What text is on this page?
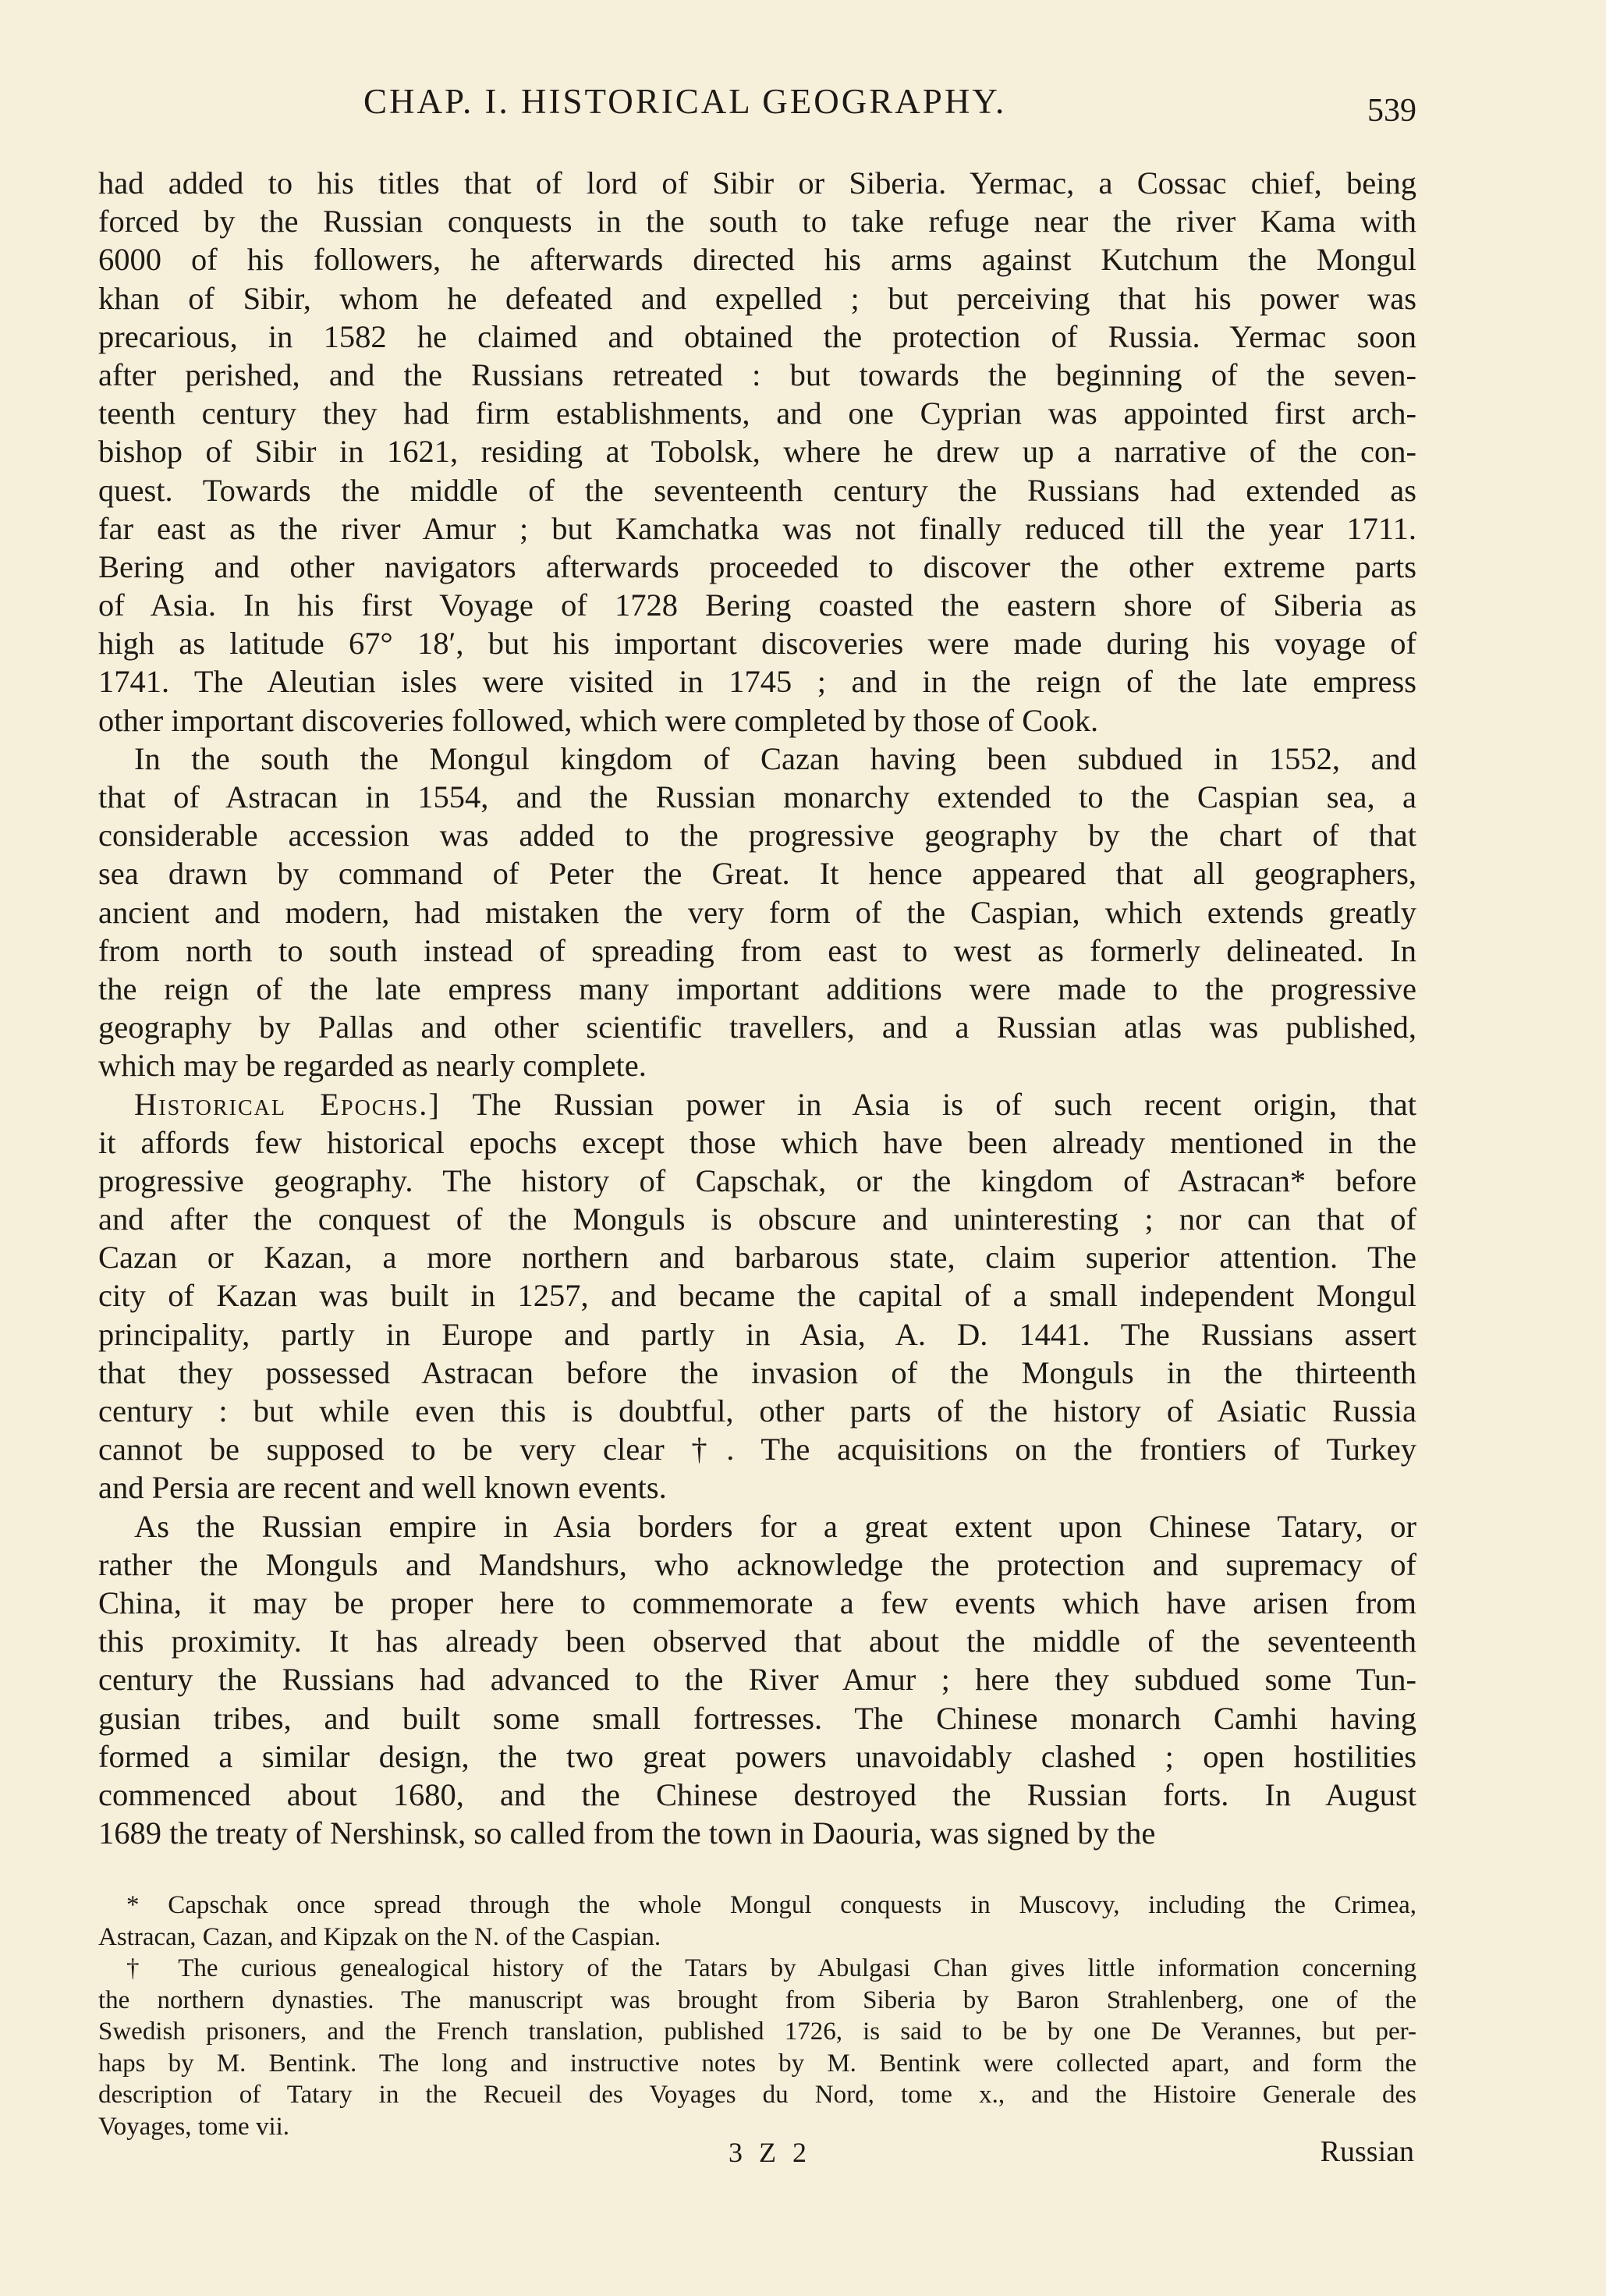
CHAP. I. HISTORICAL GEOGRAPHY.	539
had added to his titles that of lord of Sibir or Siberia. Yermac, a Cossac chief, being
forced by the Russian conquests in the south to take refuge near the river Kama with
6000 of his followers, he afterwards directed his arms against Kutchum the Mongul
khan of Sibir, whom he defeated and expelled ; but perceiving that his power was
precarious, in 1582 he claimed and obtained the protection of Russia. Yermac soon
after perished, and the Russians retreated : but towards the beginning of the seven-
teenth century they had firm establishments, and one Cyprian was appointed first arch-
bishop of Sibir in 1621, residing at Tobolsk, where he drew up a narrative of the con-
quest. Towards the middle of the seventeenth century the Russians had extended as
far east as the river Amur ; but Kamchatka was not finally reduced till the year 1711.
Bering and other navigators afterwards proceeded to discover the other extreme parts
of Asia. In his first Voyage of 1728 Bering coasted the eastern shore of Siberia as
high as latitude 67° 18′, but his important discoveries were made during his voyage of
1741. The Aleutian isles were visited in 1745 ; and in the reign of the late empress
other important discoveries followed, which were completed by those of Cook.
In the south the Mongul kingdom of Cazan having been subdued in 1552, and
that of Astracan in 1554, and the Russian monarchy extended to the Caspian sea, a
considerable accession was added to the progressive geography by the chart of that
sea drawn by command of Peter the Great. It hence appeared that all geographers,
ancient and modern, had mistaken the very form of the Caspian, which extends greatly
from north to south instead of spreading from east to west as formerly delineated. In
the reign of the late empress many important additions were made to the progressive
geography by Pallas and other scientific travellers, and a Russian atlas was published,
which may be regarded as nearly complete.
Historical Epochs.] The Russian power in Asia is of such recent origin, that
it affords few historical epochs except those which have been already mentioned in the
progressive geography. The history of Capschak, or the kingdom of Astracan* before
and after the conquest of the Monguls is obscure and uninteresting ; nor can that of
Cazan or Kazan, a more northern and barbarous state, claim superior attention. The
city of Kazan was built in 1257, and became the capital of a small independent Mongul
principality, partly in Europe and partly in Asia, A. D. 1441. The Russians assert
that they possessed Astracan before the invasion of the Monguls in the thirteenth
century : but while even this is doubtful, other parts of the history of Asiatic Russia
cannot be supposed to be very clear †. The acquisitions on the frontiers of Turkey
and Persia are recent and well known events.
As the Russian empire in Asia borders for a great extent upon Chinese Tatary, or
rather the Monguls and Mandshurs, who acknowledge the protection and supremacy of
China, it may be proper here to commemorate a few events which have arisen from
this proximity. It has already been observed that about the middle of the seventeenth
century the Russians had advanced to the River Amur ; here they subdued some Tun-
gusian tribes, and built some small fortresses. The Chinese monarch Camhi having
formed a similar design, the two great powers unavoidably clashed ; open hostilities
commenced about 1680, and the Chinese destroyed the Russian forts. In August
1689 the treaty of Nershinsk, so called from the town in Daouria, was signed by the
* Capschak once spread through the whole Mongul conquests in Muscovy, including the Crimea,
Astracan, Cazan, and Kipzak on the N. of the Caspian.
† The curious genealogical history of the Tatars by Abulgasi Chan gives little information concerning
the northern dynasties. The manuscript was brought from Siberia by Baron Strahlenberg, one of the
Swedish prisoners, and the French translation, published 1726, is said to be by one De Verannes, but per-
haps by M. Bentink. The long and instructive notes by M. Bentink were collected apart, and form the
description of Tatary in the Recueil des Voyages du Nord, tome x., and the Histoire Generale des
Voyages, tome vii.
3 Z 2	Russian
